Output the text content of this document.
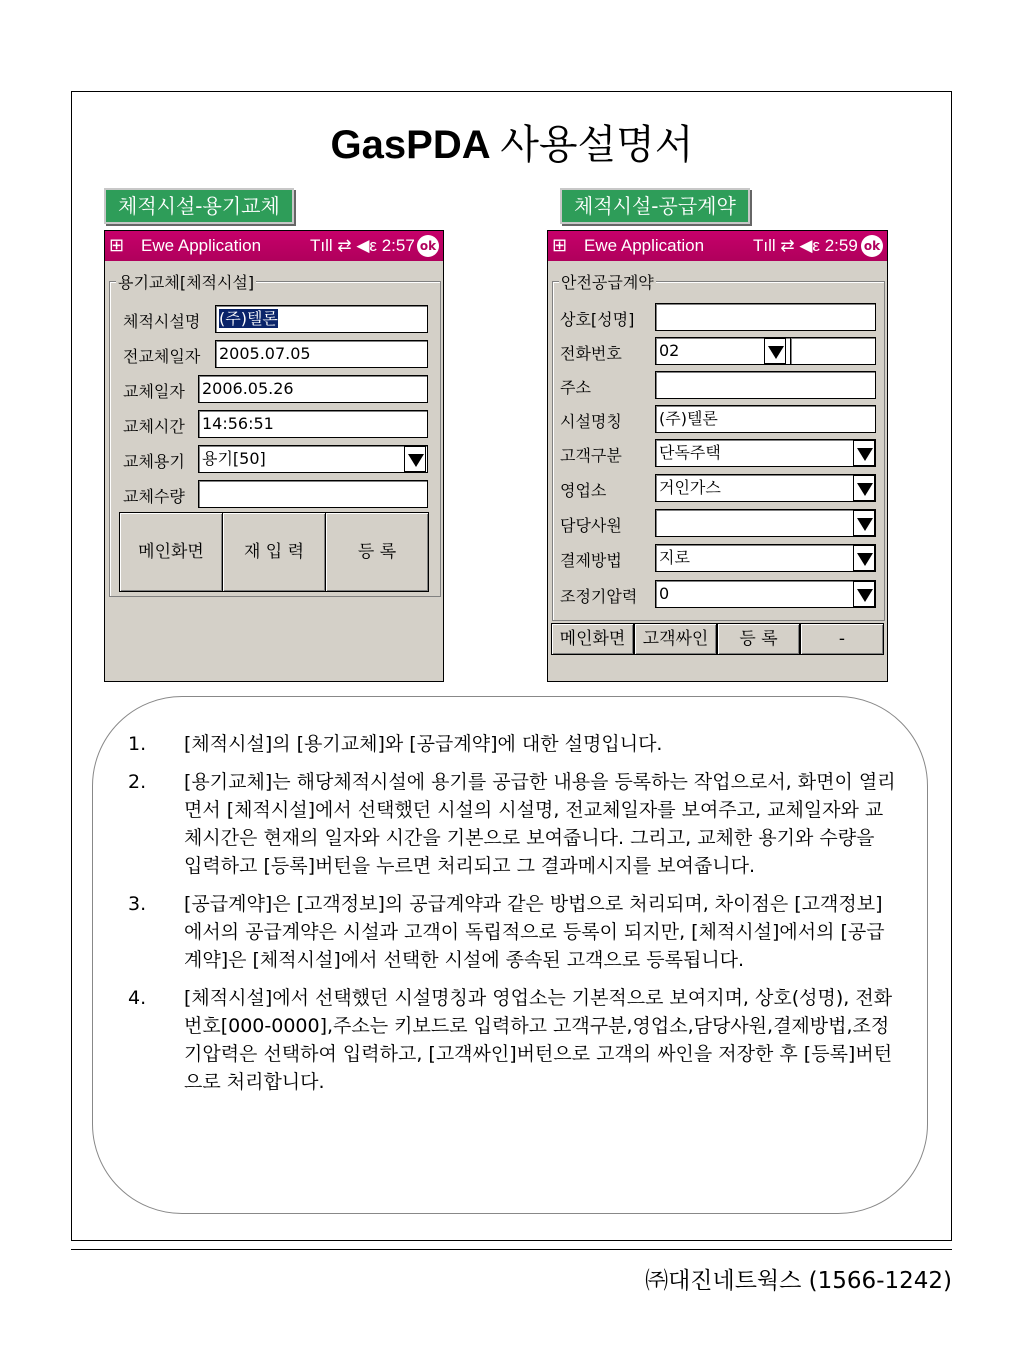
GasPDA 사용설명서
체적시설-용기교체	체적시설-공급계약
⊞ Ewe Application	Tıll ⇄ ◀ε 2:57 ok
용기교체[체적시설]
체적시설명 (주)텔론
전교체일자 2005.07.05
교체일자 2006.05.26
교체시간 14:56:51
교체용기 용기[50]
교체수량
메인화면	재 입 력	등 록
⊞ Ewe Application	Tıll ⇄ ◀ε 2:59 ok
안전공급계약
상호[성명]
전화번호 02
주소
시설명칭 (주)텔론
고객구분 단독주택
영업소	거인가스
담당사원
결제방법 지로
조정기압력 0
메인화면	고객싸인	등 록	-
1. [체적시설]의 [용기교체]와 [공급계약]에 대한 설명입니다.
2. [용기교체]는 해당체적시설에 용기를 공급한 내용을 등록하는 작업으로서, 화면이 열리면서 [체적시설]에서 선택했던 시설의 시설명, 전교체일자를 보여주고, 교체일자와 교체시간은 현재의 일자와 시간을 기본으로 보여줍니다. 그리고, 교체한 용기와 수량을 입력하고 [등록]버턴을 누르면 처리되고 그 결과메시지를 보여줍니다.
3. [공급계약]은 [고객정보]의 공급계약과 같은 방법으로 처리되며, 차이점은 [고객정보]에서의 공급계약은 시설과 고객이 독립적으로 등록이 되지만, [체적시설]에서의 [공급계약]은 [체적시설]에서 선택한 시설에 종속된 고객으로 등록됩니다.
4. [체적시설]에서 선택했던 시설명칭과 영업소는 기본적으로 보여지며, 상호(성명), 전화번호[000-0000],주소는 키보드로 입력하고 고객구분,영업소,담당사원,결제방법,조정기압력은 선택하여 입력하고, [고객싸인]버턴으로 고객의 싸인을 저장한 후 [등록]버턴으로 처리합니다.
㈜대진네트웍스 (1566-1242)
